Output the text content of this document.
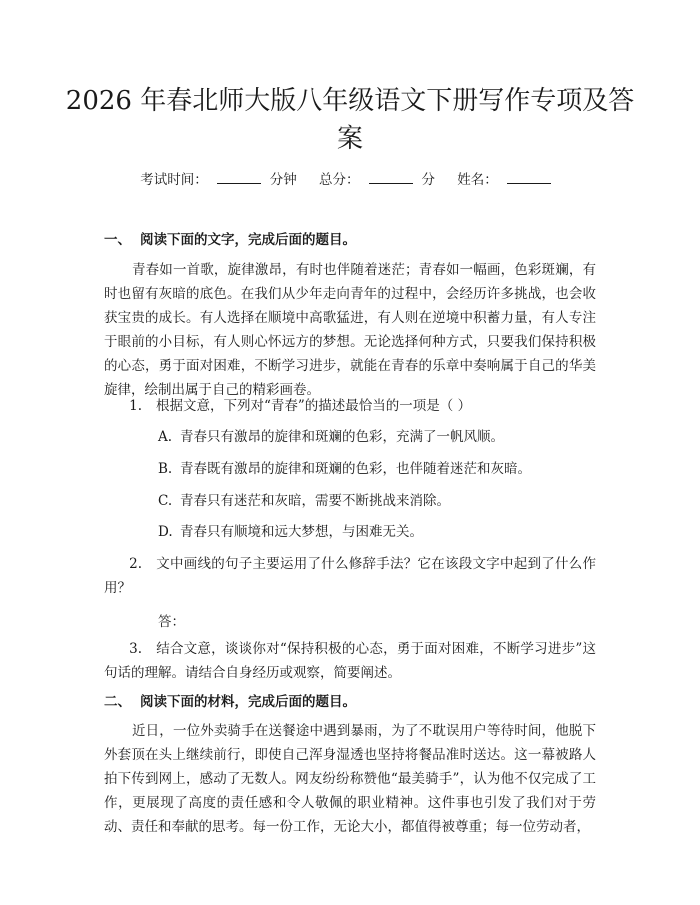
2026 年春北师大版八年级语文下册写作专项及答案
考试时间：	分钟 总分：	分 姓名：
一、 阅读下面的文字，完成后面的题目。

青春如一首歌，旋律激昂，有时也伴随着迷茫；青春如一幅画，色彩斑斓，有时也留有灰暗的底色。在我们从少年走向青年的过程中，会经历许多挑战，也会收获宝贵的成长。有人选择在顺境中高歌猛进，有人则在逆境中积蓄力量，有人专注于眼前的小目标，有人则心怀远方的梦想。无论选择何种方式，只要我们保持积极的心态，勇于面对困难，不断学习进步，就能在青春的乐章中奏响属于自己的华美旋律，绘制出属于自己的精彩画卷。

1. 根据文意，下列对“青春”的描述最恰当的一项是（ ）

A. 青春只有激昂的旋律和斑斓的色彩，充满了一帆风顺。
B. 青春既有激昂的旋律和斑斓的色彩，也伴随着迷茫和灰暗。
C. 青春只有迷茫和灰暗，需要不断挑战来消除。
D. 青春只有顺境和远大梦想，与困难无关。

2. 文中画线的句子主要运用了什么修辞手法？它在该段文字中起到了什么作用？

答：

3. 结合文意，谈谈你对“保持积极的心态，勇于面对困难，不断学习进步”这句话的理解。请结合自身经历或观察，简要阐述。

二、 阅读下面的材料，完成后面的题目。

近日，一位外卖骑手在送餐途中遇到暴雨，为了不耽误用户等待时间，他脱下外套顶在头上继续前行，即使自己浑身湿透也坚持将餐品准时送达。这一幕被路人拍下传到网上，感动了无数人。网友纷纷称赞他“最美骑手”，认为他不仅完成了工作，更展现了高度的责任感和令人敬佩的职业精神。这件事也引发了我们对于劳动、责任和奉献的思考。每一份工作，无论大小，都值得被尊重；每一位劳动者，
